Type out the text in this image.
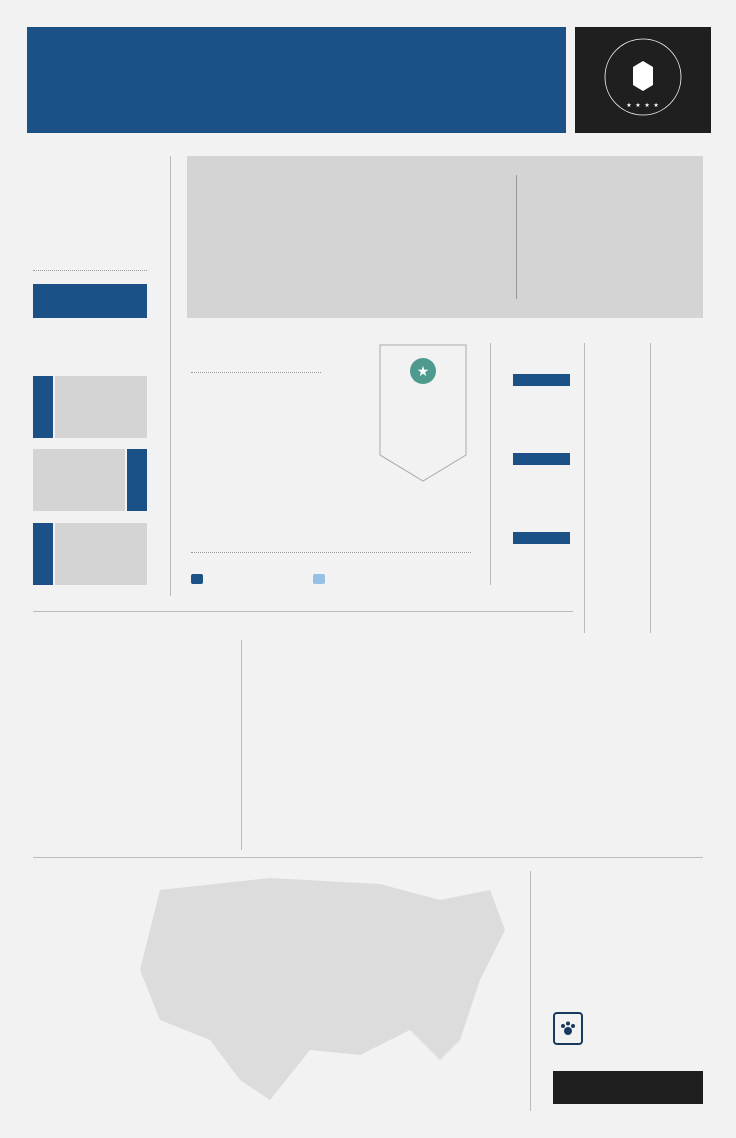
★ ★ ★ ★
★
